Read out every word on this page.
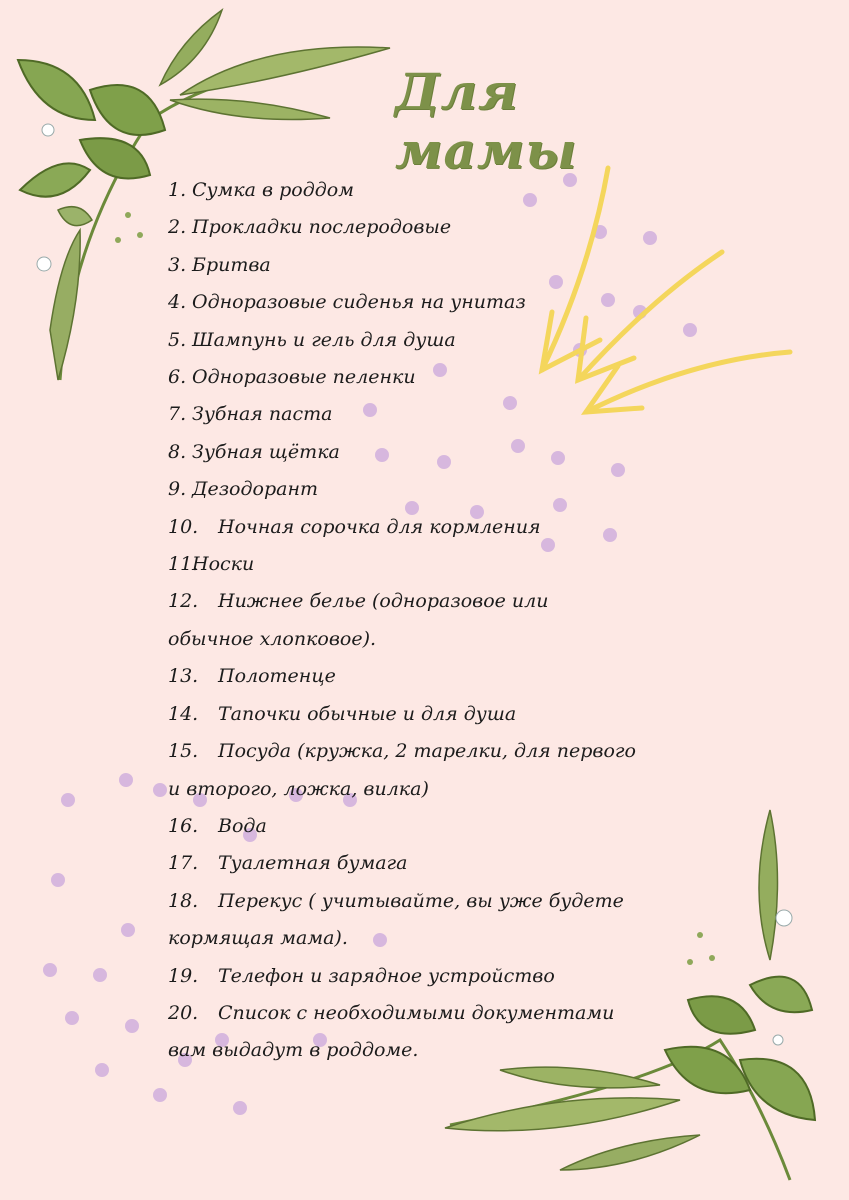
Для мамы
1. Сумка в роддом
2. Прокладки послеродовые
3. Бритва
4. Одноразовые сиденья на унитаз
5. Шампунь и гель для душа
6. Одноразовые пеленки
7. Зубная паста
8. Зубная щётка
9. Дезодорант
10. Ночная сорочка для кормления
11.Носки
12. Нижнее белье (одноразовое или обычное хлопковое).
13. Полотенце
14. Тапочки обычные и для душа
15. Посуда (кружка, 2 тарелки, для первого и второго, ложка, вилка)
16. Вода
17. Туалетная бумага
18. Перекус ( учитывайте, вы уже будете кормящая мама).
19. Телефон и зарядное устройство
20. Список с необходимыми документами вам выдадут в роддоме.
